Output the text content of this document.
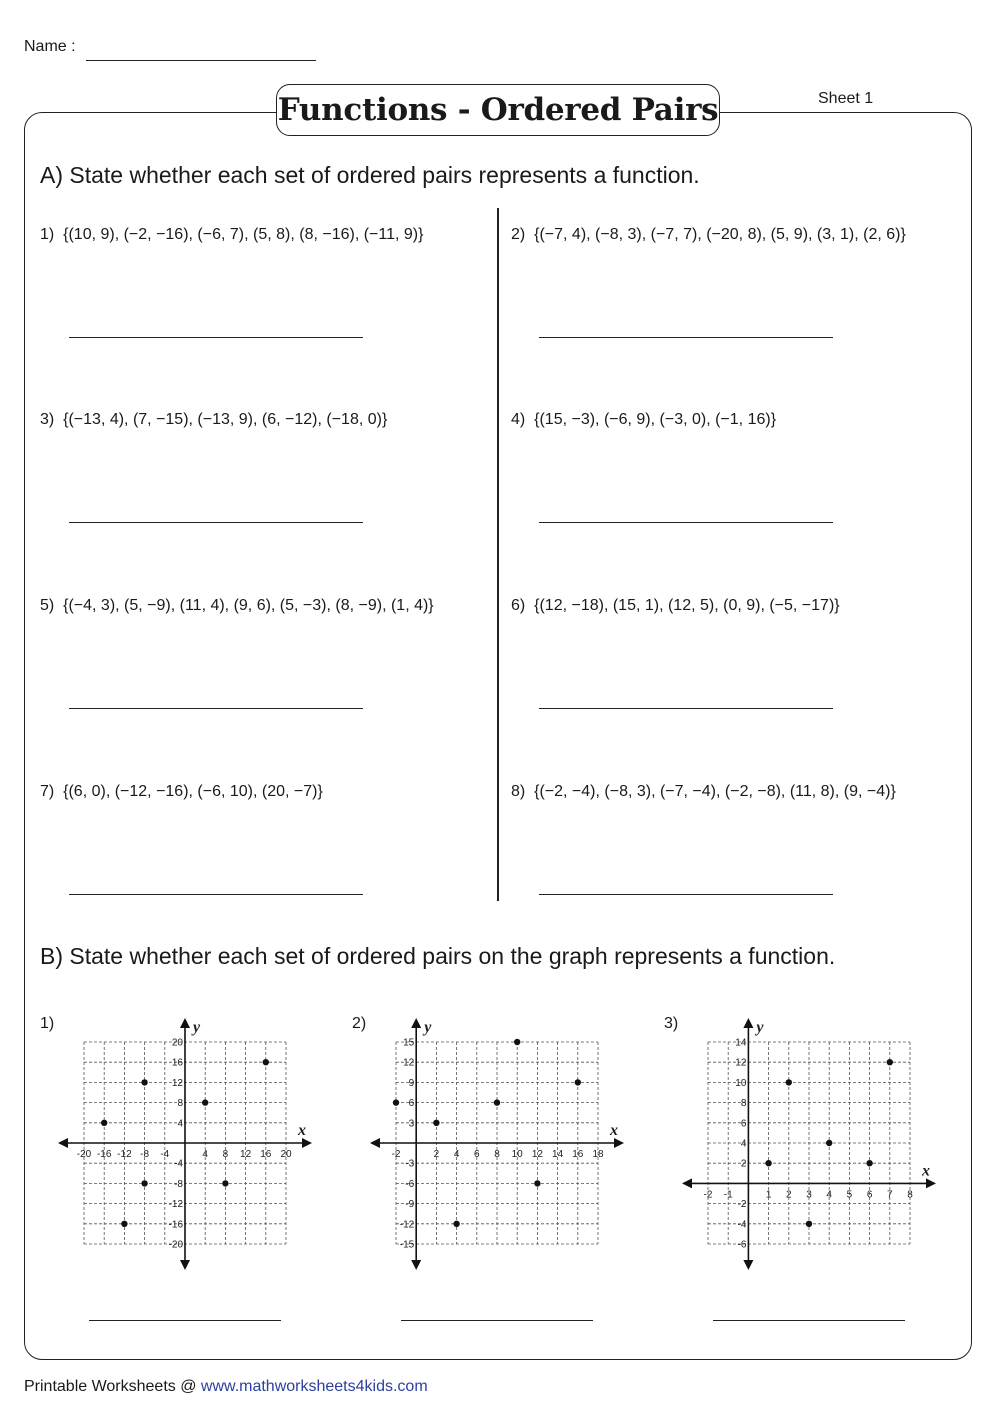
Name :
Functions - Ordered Pairs	Sheet 1
A) State whether each set of ordered pairs represents a function.
1) {(10, 9), (−2, −16), (−6, 7), (5, 8), (8, −16), (−11, 9)}	2) {(−7, 4), (−8, 3), (−7, 7), (−20, 8), (5, 9), (3, 1), (2, 6)}
3) {(−13, 4), (7, −15), (−13, 9), (6, −12), (−18, 0)}	4) {(15, −3), (−6, 9), (−3, 0), (−1, 16)}
5) {(−4, 3), (5, −9), (11, 4), (9, 6), (5, −3), (8, −9), (1, 4)}	6) {(12, −18), (15, 1), (12, 5), (0, 9), (−5, −17)}
7) {(6, 0), (−12, −16), (−6, 10), (20, −7)}	8) {(−2, −4), (−8, 3), (−7, −4), (−2, −8), (11, 8), (9, −4)}
B) State whether each set of ordered pairs on the graph represents a function.
1)
x
y
-20 -16 -12 -8 -4	4 8 12 16 20
20
16
12
8
4
-4
-8
-12
-16
-20
2)
x
y
-2	2 4 6 8 10 12 14 16 18
15
12
9
6
3
-3
-6
-9
-12
-15
3)
x
y
-2 -1	1 2 3 4 5 6 7 8
14
12
10
8
6
4
2
-2
-4
-6
Printable Worksheets @ www.mathworksheets4kids.com
